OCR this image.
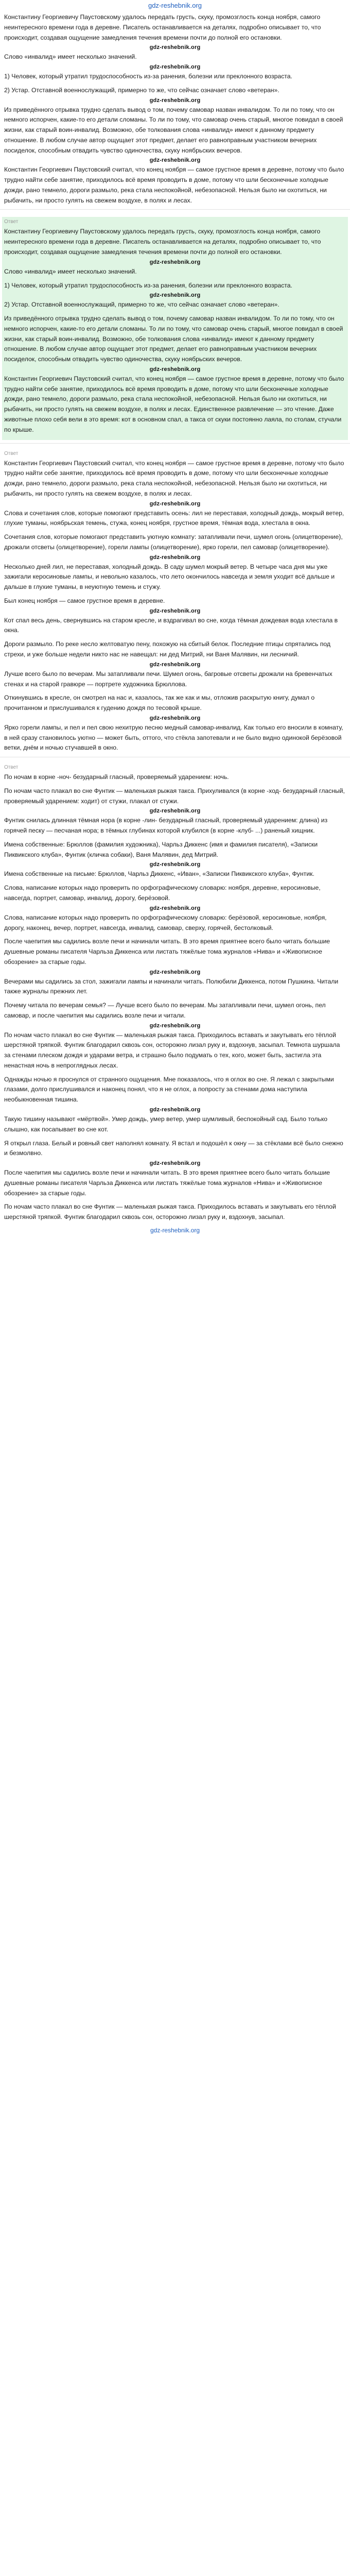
gdz-reshebnik.org

Константину Георгиевичу Паустовскому удалось передать грусть, скуку, промозглость конца ноября, самого неинтересного времени года в деревне. Писатель останавливается на деталях, подробно описывает то, что происходит, создавая ощущение замедления течения времени почти до полной его остановки.

gdz-reshebnik.org

Слово «инвалид» имеет несколько значений.

gdz-reshebnik.org

1) Человек, который утратил трудоспособность из-за ранения, болезни или преклонного возраста.

2) Устар. Отставной военнослужащий, примерно то же, что сейчас означает слово «ветеран».

gdz-reshebnik.org

Из приведённого отрывка трудно сделать вывод о том, почему самовар назван инвалидом. То ли по тому, что он немного испорчен, какие-то его детали сломаны. То ли по тому, что самовар очень старый, многое повидал в своей жизни, как старый воин-инвалид. Возможно, обе толкования слова «инвалид» имеют к данному предмету отношение. В любом случае автор ощущает этот предмет, делает его равноправным участником вечерних посиделок, способным отвадить чувство одиночества, скуку ноябрьских вечеров.

gdz-reshebnik.org

Константин Георгиевич Паустовский считал, что конец ноября — самое грустное время в деревне, потому что было трудно найти себе занятие, приходилось всё время проводить в доме, потому что шли бесконечные холодные дожди, рано темнело, дороги размыло, река стала неспокойной, небезопасной. Нельзя было ни охотиться, ни рыбачить, ни просто гулять на свежем воздухе, в полях и лесах.

Ответ

Константину Георгиевичу Паустовскому удалось передать грусть, скуку, промозглость конца ноября, самого неинтересного времени года в деревне. Писатель останавливается на деталях, подробно описывает то, что происходит, создавая ощущение замедления течения времени почти до полной его остановки.

gdz-reshebnik.org

Слово «инвалид» имеет несколько значений.

1) Человек, который утратил трудоспособность из-за ранения, болезни или преклонного возраста.

gdz-reshebnik.org

2) Устар. Отставной военнослужащий, примерно то же, что сейчас означает слово «ветеран».

Из приведённого отрывка трудно сделать вывод о том, почему самовар назван инвалидом. То ли по тому, что он немного испорчен, какие-то его детали сломаны. То ли по тому, что самовар очень старый, многое повидал в своей жизни, как старый воин-инвалид. Возможно, обе толкования слова «инвалид» имеют к данному предмету отношение. В любом случае автор ощущает этот предмет, делает его равноправным участником вечерних посиделок, способным отвадить чувство одиночества, скуку ноябрьских вечеров.

gdz-reshebnik.org

Константин Георгиевич Паустовский считал, что конец ноября — самое грустное время в деревне, потому что было трудно найти себе занятие, приходилось всё время проводить в доме, потому что шли бесконечные холодные дожди, рано темнело, дороги размыло, река стала неспокойной, небезопасной. Нельзя было ни охотиться, ни рыбачить, ни просто гулять на свежем воздухе, в полях и лесах. Единственное развлечение — это чтение. Даже животные плохо себя вели в это время: кот в основном спал, а такса от скуки постоянно лаяла, по столам, стучали по крыше.

Ответ

Константин Георгиевич Паустовский считал, что конец ноября — самое грустное время в деревне, потому что было трудно найти себе занятие, приходилось всё время проводить в доме, потому что шли бесконечные холодные дожди, рано темнело, дороги размыло, река стала неспокойной, небезопасной. Нельзя было ни охотиться, ни рыбачить, ни просто гулять на свежем воздухе, в полях и лесах.

gdz-reshebnik.org

Слова и сочетания слов, которые помогают представить осень: лил не переставая, холодный дождь, мокрый ветер, глухие туманы, ноябрьская темень, стужа, конец ноября, грустное время, тёмная вода, хлестала в окна.

Сочетания слов, которые помогают представить уютную комнату: затапливали печи, шумел огонь (олицетворение), дрожали отсветы (олицетворение), горели лампы (олицетворение), ярко горели, пел самовар (олицетворение).

gdz-reshebnik.org

Несколько дней лил, не переставая, холодный дождь. В саду шумел мокрый ветер. В четыре часа дня мы уже зажигали керосиновые лампы, и невольно казалось, что лето окончилось навсегда и земля уходит всё дальше и дальше в глухие туманы, в неуютную темень и стужу.

Был конец ноября — самое грустное время в деревне.

gdz-reshebnik.org

Кот спал весь день, свернувшись на старом кресле, и вздрагивал во сне, когда тёмная дождевая вода хлестала в окна.

Дороги размыло. По реке несло желтоватую пену, похожую на сбитый белок. Последние птицы спрятались под стрехи, и уже больше недели никто нас не навещал: ни дед Митрий, ни Ваня Малявин, ни лесничий.

gdz-reshebnik.org

Лучше всего было по вечерам. Мы затапливали печи. Шумел огонь, багровые отсветы дрожали на бревенчатых стенах и на старой гравюре — портрете художника Брюллова.

Откинувшись в кресле, он смотрел на нас и, казалось, так же как и мы, отложив раскрытую книгу, думал о прочитанном и прислушивался к гудению дождя по тесовой крыше.

gdz-reshebnik.org

Ярко горели лампы, и пел и пел свою нехитрую песню медный самовар-инвалид. Как только его вносили в комнату, в ней сразу становилось уютно — может быть, оттого, что стёкла запотевали и не было видно одинокой берёзовой ветки, днём и ночью стучавшей в окно.

Ответ

По ночам в корне -ноч- безударный гласный, проверяемый ударением: ночь.

По ночам часто плакал во сне Фунтик — маленькая рыжая такса. Прихуливался (в корне -ход- безударный гласный, проверяемый ударением: ходит) от стужи, плакал от стужи.

gdz-reshebnik.org

Фунтик снилась длинная тёмная нора (в корне -лин- безударный гласный, проверяемый ударением: длина) из горячей песку — песчаная нора; в тёмных глубинах которой клубился (в корне -клуб- ...) раненый хищник.

Имена собственные: Брюллов (фамилия художника), Чарльз Диккенс (имя и фамилия писателя), «Записки Пиквикского клуба», Фунтик (кличка собаки), Ваня Малявин, дед Митрий.

gdz-reshebnik.org

Имена собственные на письме: Брюллов, Чарльз Диккенс, «Иван», «Записки Пиквикского клуба», Фунтик.

Слова, написание которых надо проверить по орфографическому словарю: ноября, деревне, керосиновые, навсегда, портрет, самовар, инвалид, дорогу, берёзовой.

gdz-reshebnik.org

Слова, написание которых надо проверить по орфографическому словарю: берёзовой, керосиновые, ноября, дорогу, наконец, вечер, портрет, навсегда, инвалид, самовар, сверху, горячей, бестолковый.

После чаепития мы садились возле печи и начинали читать. В это время приятнее всего было читать большие душевные романы писателя Чарльза Диккенса или листать тяжёлые тома журналов «Нива» и «Живописное обозрение» за старые годы.

gdz-reshebnik.org

Вечерами мы садились за стол, зажигали лампы и начинали читать. Полюбили Диккенса, потом Пушкина. Читали также журналы прежних лет.

Почему читала по вечерам семья? — Лучше всего было по вечерам. Мы затапливали печи, шумел огонь, пел самовар, и после чаепития мы садились возле печи и читали.

gdz-reshebnik.org

По ночам часто плакал во сне Фунтик — маленькая рыжая такса. Приходилось вставать и закутывать его тёплой шерстяной тряпкой. Фунтик благодарил сквозь сон, осторожно лизал руку и, вздохнув, засыпал. Темнота шуршала за стенами плеском дождя и ударами ветра, и страшно было подумать о тех, кого, может быть, застигла эта ненастная ночь в непроглядных лесах.

Однажды ночью я проснулся от странного ощущения. Мне показалось, что я оглох во сне. Я лежал с закрытыми глазами, долго прислушивался и наконец понял, что я не оглох, а попросту за стенами дома наступила необыкновенная тишина.

gdz-reshebnik.org

Такую тишину называют «мёртвой». Умер дождь, умер ветер, умер шумливый, беспокойный сад. Было только слышно, как посапывает во сне кот.

Я открыл глаза. Белый и ровный свет наполнял комнату. Я встал и подошёл к окну — за стёклами всё было снежно и безмолвно.

gdz-reshebnik.org

После чаепития мы садились возле печи и начинали читать. В это время приятнее всего было читать большие душевные романы писателя Чарльза Диккенса или листать тяжёлые тома журналов «Нива» и «Живописное обозрение» за старые годы.

По ночам часто плакал во сне Фунтик — маленькая рыжая такса. Приходилось вставать и закутывать его тёплой шерстяной тряпкой. Фунтик благодарил сквозь сон, осторожно лизал руку и, вздохнув, засыпал.

gdz-reshebnik.org
